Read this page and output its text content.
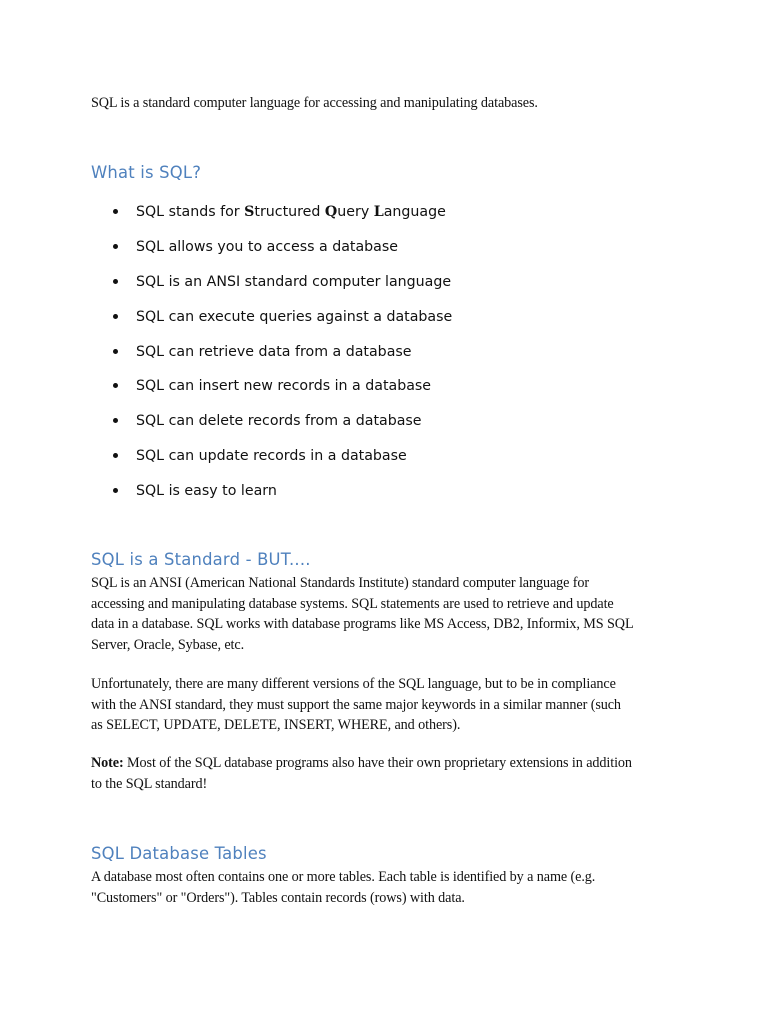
SQL is a standard computer language for accessing and manipulating databases.

What is SQL?
SQL stands for Structured Query Language
SQL allows you to access a database
SQL is an ANSI standard computer language
SQL can execute queries against a database
SQL can retrieve data from a database
SQL can insert new records in a database
SQL can delete records from a database
SQL can update records in a database
SQL is easy to learn
SQL is a Standard - BUT....
SQL is an ANSI (American National Standards Institute) standard computer language for
accessing and manipulating database systems. SQL statements are used to retrieve and update
data in a database. SQL works with database programs like MS Access, DB2, Informix, MS SQL
Server, Oracle, Sybase, etc.
Unfortunately, there are many different versions of the SQL language, but to be in compliance
with the ANSI standard, they must support the same major keywords in a similar manner (such
as SELECT, UPDATE, DELETE, INSERT, WHERE, and others).
Note: Most of the SQL database programs also have their own proprietary extensions in addition
to the SQL standard!
SQL Database Tables
A database most often contains one or more tables. Each table is identified by a name (e.g.
"Customers" or "Orders"). Tables contain records (rows) with data.
